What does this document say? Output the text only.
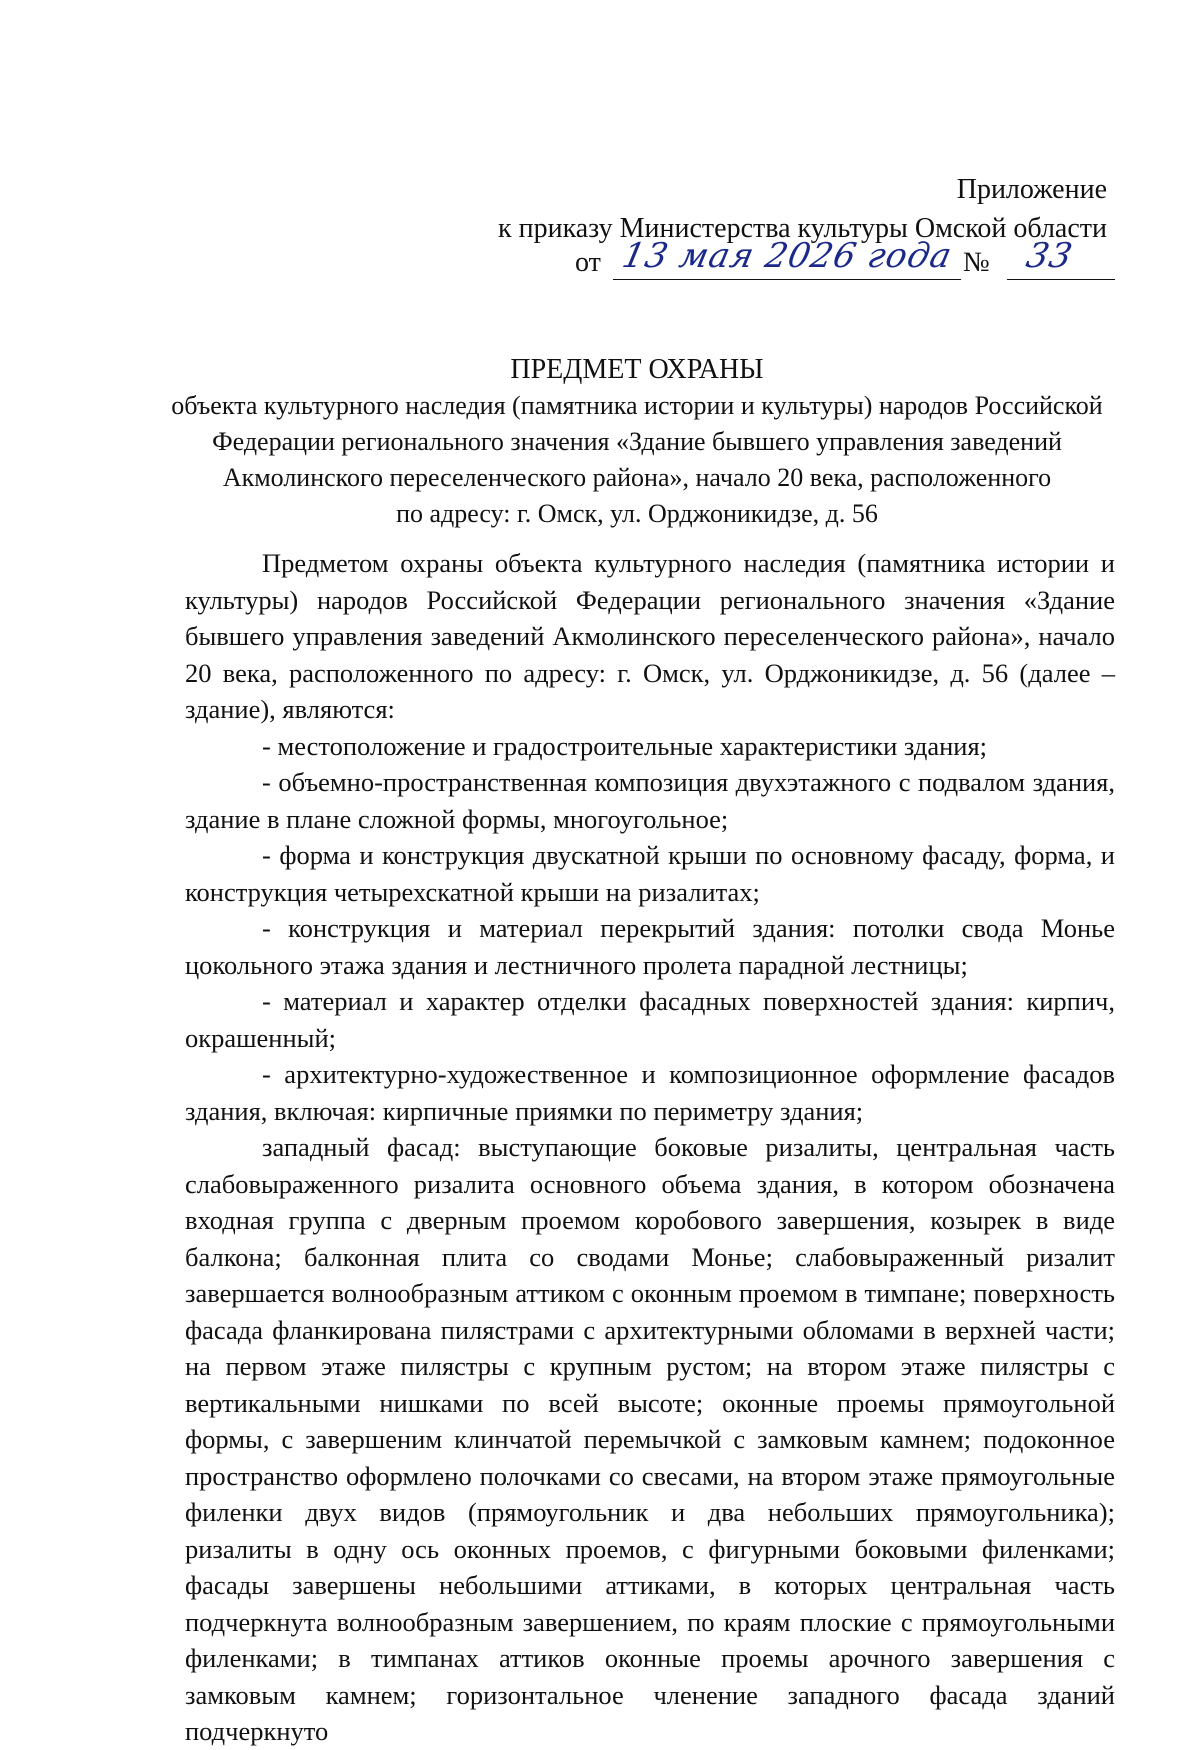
Приложение
к приказу Министерства культуры Омской области
от 13 мая 2026 года № 33
ПРЕДМЕТ ОХРАНЫ
объекта культурного наследия (памятника истории и культуры) народов Российской
Федерации регионального значения «Здание бывшего управления заведений
Акмолинского переселенческого района», начало 20 века, расположенного
по адресу: г. Омск, ул. Орджоникидзе, д. 56

Предметом охраны объекта культурного наследия (памятника истории и культуры) народов Российской Федерации регионального значения «Здание бывшего управления заведений Акмолинского переселенческого района», начало 20 века, расположенного по адресу: г. Омск, ул. Орджоникидзе, д. 56 (далее – здание), являются:

- местоположение и градостроительные характеристики здания;

- объемно-пространственная композиция двухэтажного с подвалом здания, здание в плане сложной формы, многоугольное;

- форма и конструкция двускатной крыши по основному фасаду, форма, и конструкция четырехскатной крыши на ризалитах;

- конструкция и материал перекрытий здания: потолки свода Монье цокольного этажа здания и лестничного пролета парадной лестницы;

- материал и характер отделки фасадных поверхностей здания: кирпич, окрашенный;

- архитектурно-художественное и композиционное оформление фасадов здания, включая: кирпичные приямки по периметру здания;

западный фасад: выступающие боковые ризалиты, центральная часть слабовыраженного ризалита основного объема здания, в котором обозначена входная группа с дверным проемом коробового завершения, козырек в виде балкона; балконная плита со сводами Монье; слабовыраженный ризалит завершается волнообразным аттиком с оконным проемом в тимпане; поверхность фасада фланкирована пилястрами с архитектурными обломами в верхней части; на первом этаже пилястры с крупным рустом; на втором этаже пилястры с вертикальными нишками по всей высоте; оконные проемы прямоугольной формы, с завершеним клинчатой перемычкой с замковым камнем; подоконное пространство оформлено полочками со свесами, на втором этаже прямоугольные филенки двух видов (прямоугольник и два небольших прямоугольника); ризалиты в одну ось оконных проемов, с фигурными боковыми филенками; фасады завершены небольшими аттиками, в которых центральная часть подчеркнута волнообразным завершением, по краям плоские с прямоугольными филенками; в тимпанах аттиков оконные проемы арочного завершения с замковым камнем; горизонтальное членение западного фасада зданий подчеркнуто
